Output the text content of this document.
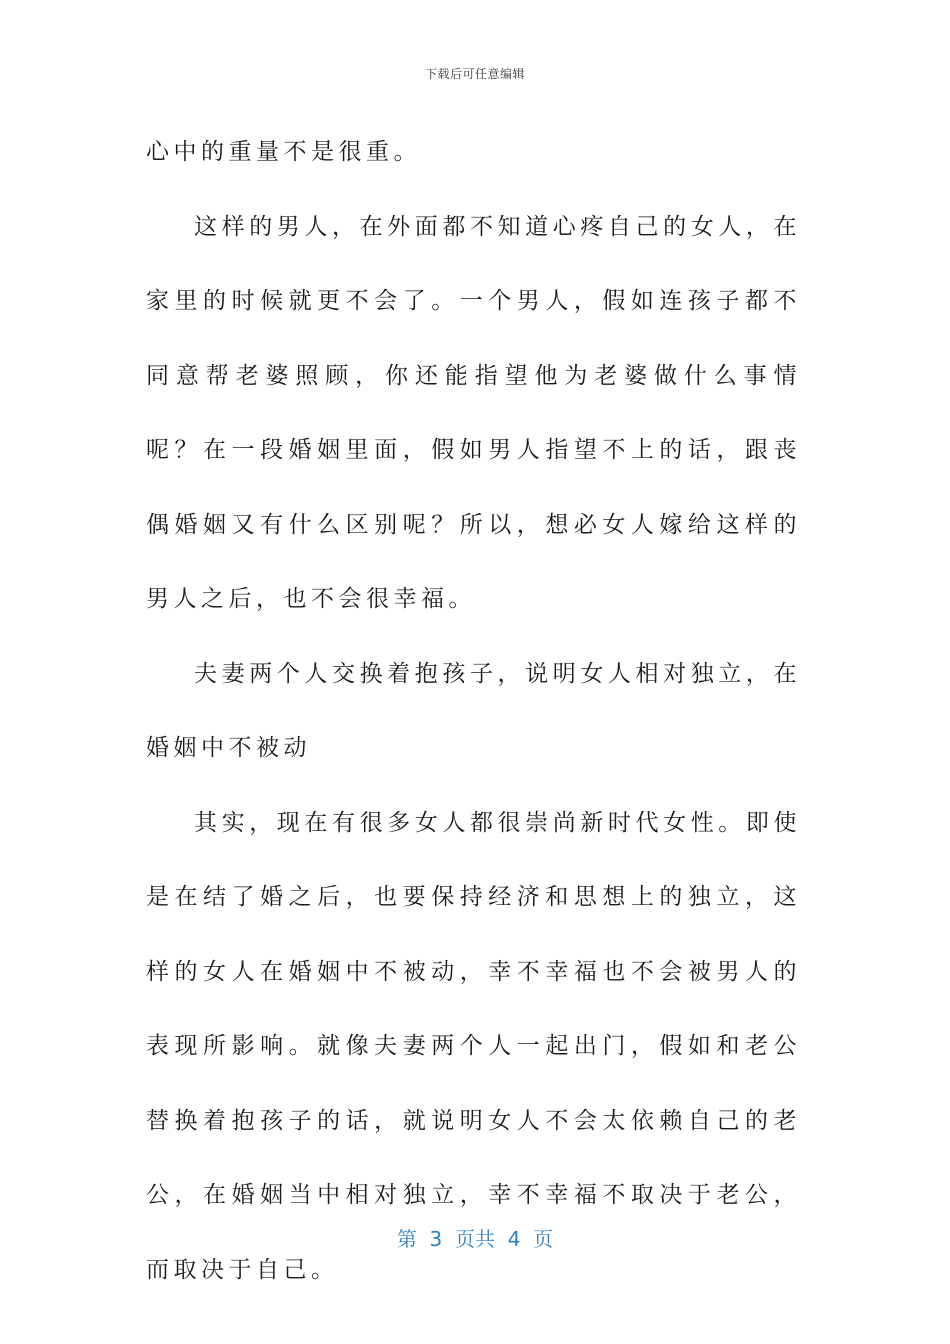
下载后可任意编辑

心中的重量不是很重。

这样的男人，在外面都不知道心疼自己的女人，在家里的时候就更不会了。一个男人，假如连孩子都不同意帮老婆照顾，你还能指望他为老婆做什么事情呢？在一段婚姻里面，假如男人指望不上的话，跟丧偶婚姻又有什么区别呢？所以，想必女人嫁给这样的男人之后，也不会很幸福。

夫妻两个人交换着抱孩子，说明女人相对独立，在婚姻中不被动

其实，现在有很多女人都很崇尚新时代女性。即使是在结了婚之后，也要保持经济和思想上的独立，这样的女人在婚姻中不被动，幸不幸福也不会被男人的表现所影响。就像夫妻两个人一起出门，假如和老公替换着抱孩子的话，就说明女人不会太依赖自己的老公，在婚姻当中相对独立，幸不幸福不取决于老公，而取决于自己。

第  3  页共  4  页
